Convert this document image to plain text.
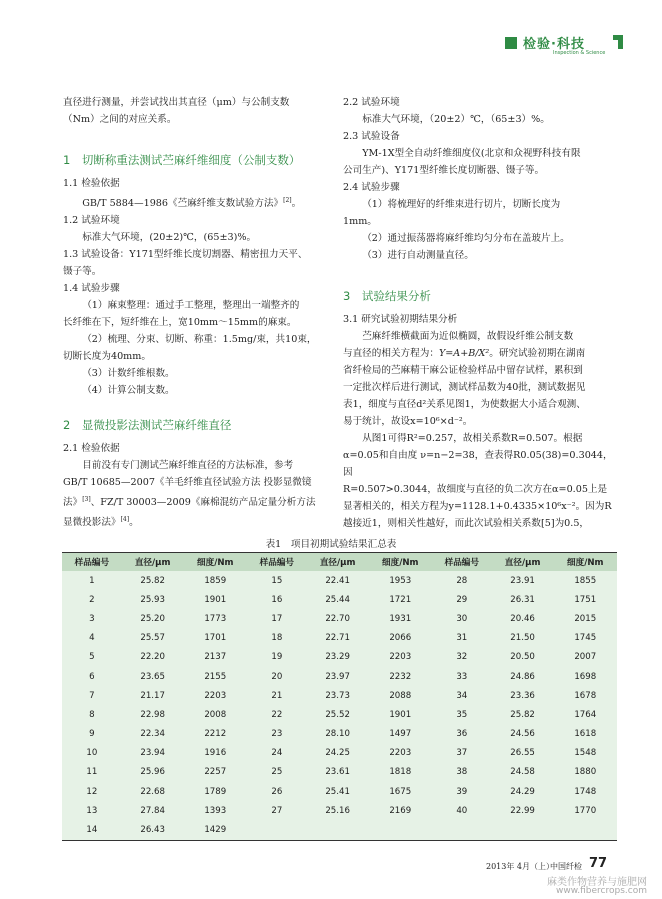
检验·科技
Inspection & Science

直径进行测量，并尝试找出其直径（μm）与公制支数

（Nm）之间的对应关系。

1　切断称重法测试苎麻纤维细度（公制支数）

1.1 检验依据

GB/T 5884—1986《苎麻纤维支数试验方法》[2]。

1.2 试验环境

标准大气环境，(20±2)℃，(65±3)%。

1.3 试验设备：Y171型纤维长度切割器、精密扭力天平、

镊子等。

1.4 试验步骤

（1）麻束整理：通过手工整理，整理出一端整齐的

长纤维在下，短纤维在上，宽10mm～15mm的麻束。

（2）梳理、分束、切断、称重：1.5mg/束，共10束，

切断长度为40mm。

（3）计数纤维根数。

（4）计算公制支数。

2　显微投影法测试苎麻纤维直径

2.1 检验依据

目前没有专门测试苎麻纤维直径的方法标准，参考

GB/T 10685—2007《羊毛纤维直径试验方法 投影显微镜

法》[3]、FZ/T 30003—2009《麻棉混纺产品定量分析方法

显微投影法》[4]。

2.2 试验环境

标准大气环境，（20±2）℃，（65±3）%。

2.3 试验设备

YM-1X型全自动纤维细度仪(北京和众视野科技有限

公司生产)、Y171型纤维长度切断器、镊子等。

2.4 试验步骤

（1）将梳理好的纤维束进行切片，切断长度为

1mm。

（2）通过振荡器将麻纤维均匀分布在盖玻片上。

（3）进行自动测量直径。

3　试验结果分析

3.1 研究试验初期结果分析

苎麻纤维横截面为近似椭圆，故假设纤维公制支数

与直径的相关方程为：Y=A+B/X²。研究试验初期在湖南

省纤检局的苎麻精干麻公证检验样品中留存试样，累积到

一定批次样后进行测试，测试样品数为40批，测试数据见

表1，细度与直径d²关系见图1，为使数据大小适合观测、

易于统计，故设x=10⁶×d⁻²。

从图1可得R²=0.257，故相关系数R=0.507。根据

α=0.05和自由度 ν=n−2=38，查表得R0.05(38)=0.3044，因

R=0.507>0.3044，故细度与直径的负二次方在α=0.05上是

显著相关的，相关方程为y=1128.1+0.4335×10⁶x⁻²。因为R

越接近1，则相关性越好，而此次试验相关系数[5]为0.5，

表1　项目初期试验结果汇总表
样品编号	直径/μm	细度/Nm	样品编号	直径/μm	细度/Nm	样品编号	直径/μm	细度/Nm
1	25.82	1859	15	22.41	1953	28	23.91	1855
2	25.93	1901	16	25.44	1721	29	26.31	1751
3	25.20	1773	17	22.70	1931	30	20.46	2015
4	25.57	1701	18	22.71	2066	31	21.50	1745
5	22.20	2137	19	23.29	2203	32	20.50	2007
6	23.65	2155	20	23.97	2232	33	24.86	1698
7	21.17	2203	21	23.73	2088	34	23.36	1678
8	22.98	2008	22	25.52	1901	35	25.82	1764
9	22.34	2212	23	28.10	1497	36	24.56	1618
10	23.94	1916	24	24.25	2203	37	26.55	1548
11	25.96	2257	25	23.61	1818	38	24.58	1880
12	22.68	1789	26	25.41	1675	39	24.29	1748
13	27.84	1393	27	25.16	2169	40	22.99	1770
14	26.43	1429						
2013年 4月（上）
中国纤检 77
麻类作物营养与施肥网
www.fibercrops.com
